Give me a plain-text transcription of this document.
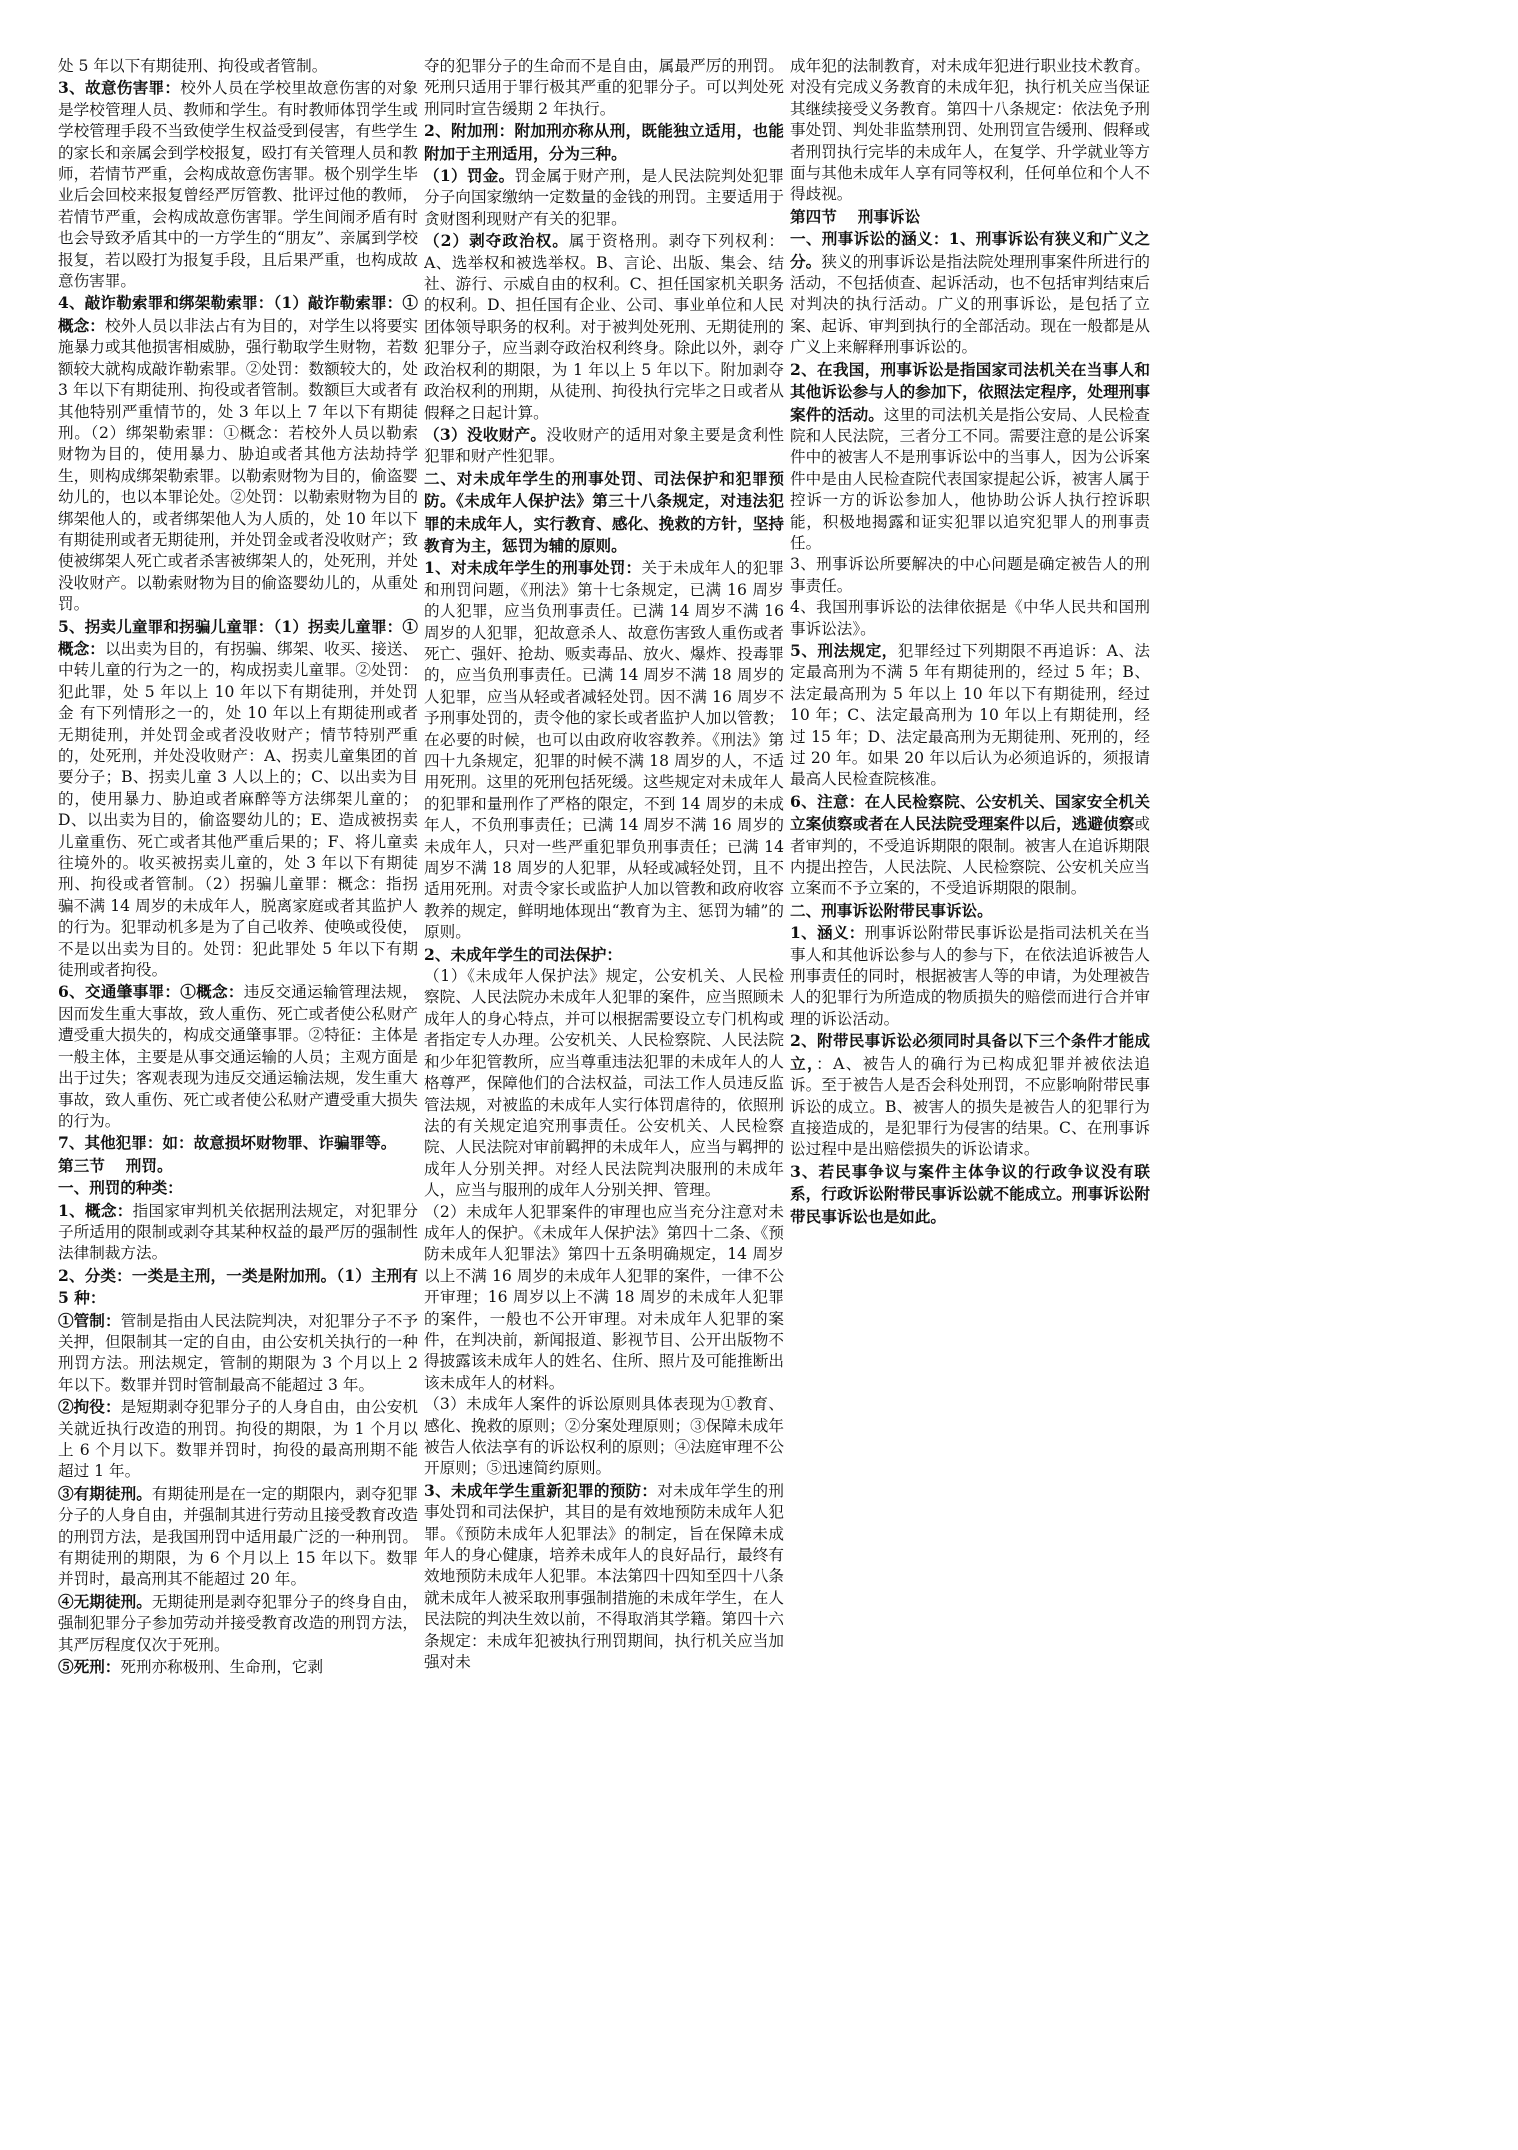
处 5 年以下有期徒刑、拘役或者管制。

3、故意伤害罪：校外人员在学校里故意伤害的对象是学校管理人员、教师和学生。有时教师体罚学生或学校管理手段不当致使学生权益受到侵害，有些学生的家长和亲属会到学校报复，殴打有关管理人员和教师，若情节严重，会构成故意伤害罪。极个别学生毕业后会回校来报复曾经严厉管教、批评过他的教师，若情节严重，会构成故意伤害罪。学生间闹矛盾有时也会导致矛盾其中的一方学生的“朋友”、亲属到学校报复，若以殴打为报复手段，且后果严重，也构成故意伤害罪。

4、敲诈勒索罪和绑架勒索罪：（1）敲诈勒索罪：①概念：校外人员以非法占有为目的，对学生以将要实施暴力或其他损害相威胁，强行勒取学生财物，若数额较大就构成敲诈勒索罪。②处罚：数额较大的，处 3 年以下有期徒刑、拘役或者管制。数额巨大或者有其他特别严重情节的，处 3 年以上 7 年以下有期徒刑。（2）绑架勒索罪：①概念：若校外人员以勒索财物为目的，使用暴力、胁迫或者其他方法劫持学生，则构成绑架勒索罪。以勒索财物为目的，偷盗婴幼儿的，也以本罪论处。②处罚：以勒索财物为目的绑架他人的，或者绑架他人为人质的，处 10 年以下有期徒刑或者无期徒刑，并处罚金或者没收财产；致使被绑架人死亡或者杀害被绑架人的，处死刑，并处没收财产。以勒索财物为目的偷盗婴幼儿的，从重处罚。

5、拐卖儿童罪和拐骗儿童罪：（1）拐卖儿童罪：①概念：以出卖为目的，有拐骗、绑架、收买、接送、中转儿童的行为之一的，构成拐卖儿童罪。②处罚：犯此罪，处 5 年以上 10 年以下有期徒刑，并处罚金 有下列情形之一的，处 10 年以上有期徒刑或者无期徒刑，并处罚金或者没收财产；情节特别严重的，处死刑，并处没收财产：A、拐卖儿童集团的首要分子；B、拐卖儿童 3 人以上的；C、以出卖为目的，使用暴力、胁迫或者麻醉等方法绑架儿童的；D、以出卖为目的，偷盗婴幼儿的；E、造成被拐卖儿童重伤、死亡或者其他严重后果的；F、将儿童卖往境外的。收买被拐卖儿童的，处 3 年以下有期徒刑、拘役或者管制。（2）拐骗儿童罪：概念：指拐骗不满 14 周岁的未成年人，脱离家庭或者其监护人的行为。犯罪动机多是为了自己收养、使唤或役使，不是以出卖为目的。处罚：犯此罪处 5 年以下有期徒刑或者拘役。

6、交通肇事罪：①概念：违反交通运输管理法规，因而发生重大事故，致人重伤、死亡或者使公私财产遭受重大损失的，构成交通肇事罪。②特征：主体是一般主体，主要是从事交通运输的人员；主观方面是出于过失；客观表现为违反交通运输法规，发生重大事故，致人重伤、死亡或者使公私财产遭受重大损失的行为。

7、其他犯罪：如：故意损坏财物罪、诈骗罪等。

第三节　 刑罚。

一、刑罚的种类：

1、概念：指国家审判机关依据刑法规定，对犯罪分子所适用的限制或剥夺其某种权益的最严厉的强制性法律制裁方法。

2、分类：一类是主刑，一类是附加刑。（1）主刑有 5 种：

①管制：管制是指由人民法院判决，对犯罪分子不予关押，但限制其一定的自由，由公安机关执行的一种刑罚方法。刑法规定，管制的期限为 3 个月以上 2 年以下。数罪并罚时管制最高不能超过 3 年。

②拘役：是短期剥夺犯罪分子的人身自由，由公安机关就近执行改造的刑罚。拘役的期限，为 1 个月以上 6 个月以下。数罪并罚时，拘役的最高刑期不能超过 1 年。

③有期徒刑。有期徒刑是在一定的期限内，剥夺犯罪分子的人身自由，并强制其进行劳动且接受教育改造的刑罚方法，是我国刑罚中适用最广泛的一种刑罚。有期徒刑的期限，为 6 个月以上 15 年以下。数罪并罚时，最高刑其不能超过 20 年。

④无期徒刑。无期徒刑是剥夺犯罪分子的终身自由，强制犯罪分子参加劳动并接受教育改造的刑罚方法，其严厉程度仅次于死刑。

⑤死刑：死刑亦称极刑、生命刑，它剥

夺的犯罪分子的生命而不是自由，属最严厉的刑罚。死刑只适用于罪行极其严重的犯罪分子。可以判处死刑同时宣告缓期 2 年执行。

2、附加刑：附加刑亦称从刑，既能独立适用，也能附加于主刑适用，分为三种。

（1）罚金。罚金属于财产刑，是人民法院判处犯罪分子向国家缴纳一定数量的金钱的刑罚。主要适用于贪财图利现财产有关的犯罪。

（2）剥夺政治权。属于资格刑。剥夺下列权利：A、选举权和被选举权。B、言论、出版、集会、结社、游行、示威自由的权利。C、担任国家机关职务的权利。D、担任国有企业、公司、事业单位和人民团体领导职务的权利。对于被判处死刑、无期徒刑的犯罪分子，应当剥夺政治权利终身。除此以外，剥夺政治权利的期限，为 1 年以上 5 年以下。附加剥夺政治权利的刑期，从徒刑、拘役执行完毕之日或者从假释之日起计算。

（3）没收财产。没收财产的适用对象主要是贪利性犯罪和财产性犯罪。

二、对未成年学生的刑事处罚、司法保护和犯罪预防。《未成年人保护法》第三十八条规定，对违法犯罪的未成年人，实行教育、感化、挽救的方针，坚持教育为主，惩罚为辅的原则。

1、对未成年学生的刑事处罚：关于未成年人的犯罪和刑罚问题，《刑法》第十七条规定，已满 16 周岁的人犯罪，应当负刑事责任。已满 14 周岁不满 16 周岁的人犯罪，犯故意杀人、故意伤害致人重伤或者死亡、强奸、抢劫、贩卖毒品、放火、爆炸、投毒罪的，应当负刑事责任。已满 14 周岁不满 18 周岁的人犯罪，应当从轻或者减轻处罚。因不满 16 周岁不予刑事处罚的，责令他的家长或者监护人加以管教；在必要的时候，也可以由政府收容教养。《刑法》第四十九条规定，犯罪的时候不满 18 周岁的人，不适用死刑。这里的死刑包括死缓。这些规定对未成年人的犯罪和量刑作了严格的限定，不到 14 周岁的未成年人，不负刑事责任；已满 14 周岁不满 16 周岁的未成年人，只对一些严重犯罪负刑事责任；已满 14 周岁不满 18 周岁的人犯罪，从轻或减轻处罚，且不适用死刑。对责令家长或监护人加以管教和政府收容教养的规定，鲜明地体现出“教育为主、惩罚为辅”的原则。

2、未成年学生的司法保护：

（1）《未成年人保护法》规定，公安机关、人民检察院、人民法院办未成年人犯罪的案件，应当照顾未成年人的身心特点，并可以根据需要设立专门机构或者指定专人办理。公安机关、人民检察院、人民法院和少年犯管教所，应当尊重违法犯罪的未成年人的人格尊严，保障他们的合法权益，司法工作人员违反监管法规，对被监的未成年人实行体罚虐待的，依照刑法的有关规定追究刑事责任。公安机关、人民检察院、人民法院对审前羁押的未成年人，应当与羁押的成年人分别关押。对经人民法院判决服刑的未成年人，应当与服刑的成年人分别关押、管理。

（2）未成年人犯罪案件的审理也应当充分注意对未成年人的保护。《未成年人保护法》第四十二条、《预防未成年人犯罪法》第四十五条明确规定，14 周岁以上不满 16 周岁的未成年人犯罪的案件，一律不公开审理；16 周岁以上不满 18 周岁的未成年人犯罪的案件，一般也不公开审理。对未成年人犯罪的案件，在判决前，新闻报道、影视节目、公开出版物不得披露该未成年人的姓名、住所、照片及可能推断出该未成年人的材料。

（3）未成年人案件的诉讼原则具体表现为①教育、感化、挽救的原则；②分案处理原则；③保障未成年被告人依法享有的诉讼权利的原则；④法庭审理不公开原则；⑤迅速简约原则。

3、未成年学生重新犯罪的预防：对未成年学生的刑事处罚和司法保护，其目的是有效地预防未成年人犯罪。《预防未成年人犯罪法》的制定，旨在保障未成年人的身心健康，培养未成年人的良好品行，最终有效地预防未成年人犯罪。本法第四十四知至四十八条就未成年人被采取刑事强制措施的未成年学生，在人民法院的判决生效以前，不得取消其学籍。第四十六条规定：未成年犯被执行刑罚期间，执行机关应当加强对未

成年犯的法制教育，对未成年犯进行职业技术教育。对没有完成义务教育的未成年犯，执行机关应当保证其继续接受义务教育。第四十八条规定：依法免予刑事处罚、判处非监禁刑罚、处刑罚宣告缓刑、假释或者刑罚执行完毕的未成年人，在复学、升学就业等方面与其他未成年人享有同等权利，任何单位和个人不得歧视。

第四节　 刑事诉讼

一、刑事诉讼的涵义：1、刑事诉讼有狭义和广义之分。狭义的刑事诉讼是指法院处理刑事案件所进行的活动，不包括侦查、起诉活动，也不包括审判结束后对判决的执行活动。广义的刑事诉讼，是包括了立案、起诉、审判到执行的全部活动。现在一般都是从广义上来解释刑事诉讼的。

2、在我国，刑事诉讼是指国家司法机关在当事人和其他诉讼参与人的参加下，依照法定程序，处理刑事案件的活动。这里的司法机关是指公安局、人民检查院和人民法院，三者分工不同。需要注意的是公诉案件中的被害人不是刑事诉讼中的当事人，因为公诉案件中是由人民检查院代表国家提起公诉，被害人属于控诉一方的诉讼参加人，他协助公诉人执行控诉职能，积极地揭露和证实犯罪以追究犯罪人的刑事责任。

3、刑事诉讼所要解决的中心问题是确定被告人的刑事责任。

4、我国刑事诉讼的法律依据是《中华人民共和国刑事诉讼法》。

5、刑法规定，犯罪经过下列期限不再追诉：A、法定最高刑为不满 5 年有期徒刑的，经过 5 年；B、法定最高刑为 5 年以上 10 年以下有期徒刑，经过 10 年；C、法定最高刑为 10 年以上有期徒刑，经过 15 年；D、法定最高刑为无期徒刑、死刑的，经过 20 年。如果 20 年以后认为必须追诉的，须报请最高人民检查院核准。

6、注意：在人民检察院、公安机关、国家安全机关立案侦察或者在人民法院受理案件以后，逃避侦察或者审判的，不受追诉期限的限制。被害人在追诉期限内提出控告，人民法院、人民检察院、公安机关应当立案而不予立案的，不受追诉期限的限制。

二、刑事诉讼附带民事诉讼。

1、涵义：刑事诉讼附带民事诉讼是指司法机关在当事人和其他诉讼参与人的参与下，在依法追诉被告人刑事责任的同时，根据被害人等的申请，为处理被告人的犯罪行为所造成的物质损失的赔偿而进行合并审理的诉讼活动。

2、附带民事诉讼必须同时具备以下三个条件才能成立，：A、被告人的确行为已构成犯罪并被依法追诉。至于被告人是否会科处刑罚，不应影响附带民事诉讼的成立。B、被害人的损失是被告人的犯罪行为直接造成的，是犯罪行为侵害的结果。C、在刑事诉讼过程中是出赔偿损失的诉讼请求。

3、若民事争议与案件主体争议的行政争议没有联系，行政诉讼附带民事诉讼就不能成立。刑事诉讼附带民事诉讼也是如此。
